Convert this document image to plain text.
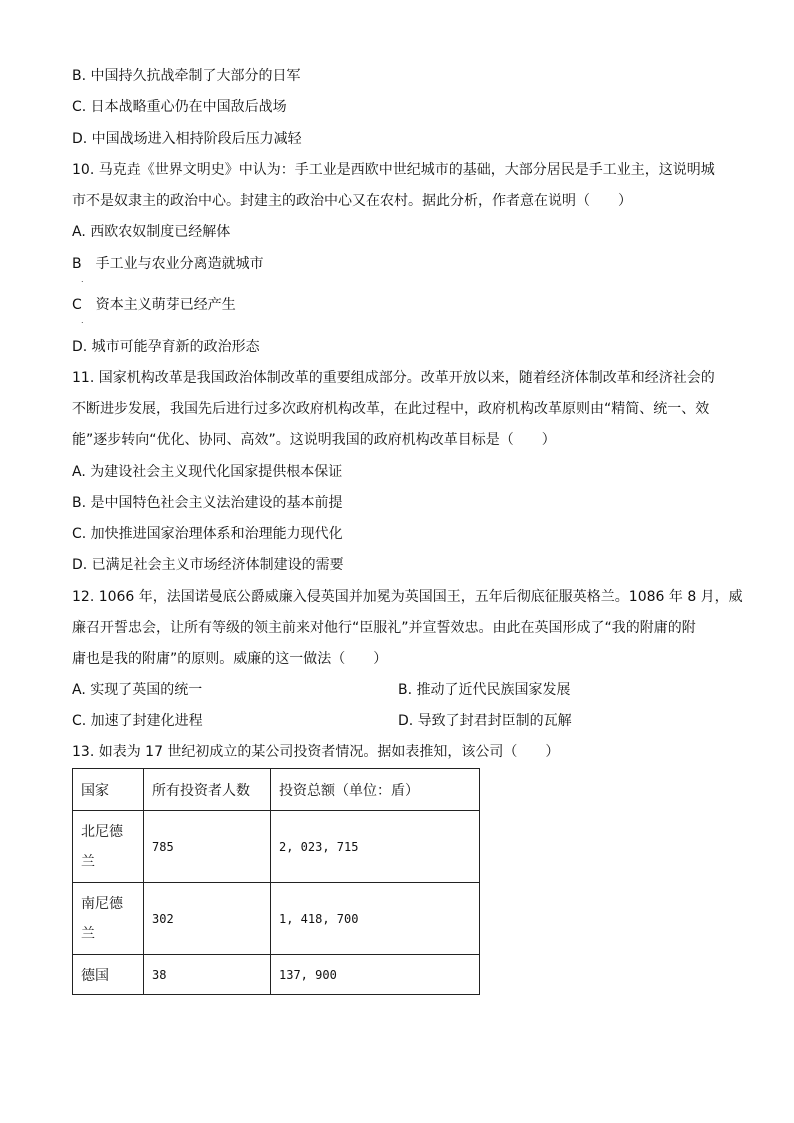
B. 中国持久抗战牵制了大部分的日军
C. 日本战略重心仍在中国敌后战场
D. 中国战场进入相持阶段后压力减轻
10. 马克垚《世界文明史》中认为：手工业是西欧中世纪城市的基础，大部分居民是手工业主，这说明城
市不是奴隶主的政治中心。封建主的政治中心又在农村。据此分析，作者意在说明（　　）
A. 西欧农奴制度已经解体
B　手工业与农业分离造就城市
.
C　资本主义萌芽已经产生
.
D. 城市可能孕育新的政治形态
11. 国家机构改革是我国政治体制改革的重要组成部分。改革开放以来，随着经济体制改革和经济社会的
不断进步发展，我国先后进行过多次政府机构改革，在此过程中，政府机构改革原则由“精简、统一、效
能”逐步转向“优化、协同、高效”。这说明我国的政府机构改革目标是（　　）
A. 为建设社会主义现代化国家提供根本保证
B. 是中国特色社会主义法治建设的基本前提
C. 加快推进国家治理体系和治理能力现代化
D. 已满足社会主义市场经济体制建设的需要
12. 1066 年，法国诺曼底公爵威廉入侵英国并加冕为英国国王，五年后彻底征服英格兰。1086 年 8 月，威
廉召开誓忠会，让所有等级的领主前来对他行“臣服礼”并宣誓效忠。由此在英国形成了“我的附庸的附
庸也是我的附庸”的原则。威廉的这一做法（　　）
A. 实现了英国的统一	B. 推动了近代民族国家发展
C. 加速了封建化进程	D. 导致了封君封臣制的瓦解
13. 如表为 17 世纪初成立的某公司投资者情况。据如表推知，该公司（　　）
国家	所有投资者人数	投资总额（单位：盾）
北尼德兰	785	2, 023, 715
南尼德兰	302	1, 418, 700
德国	38	137, 900
